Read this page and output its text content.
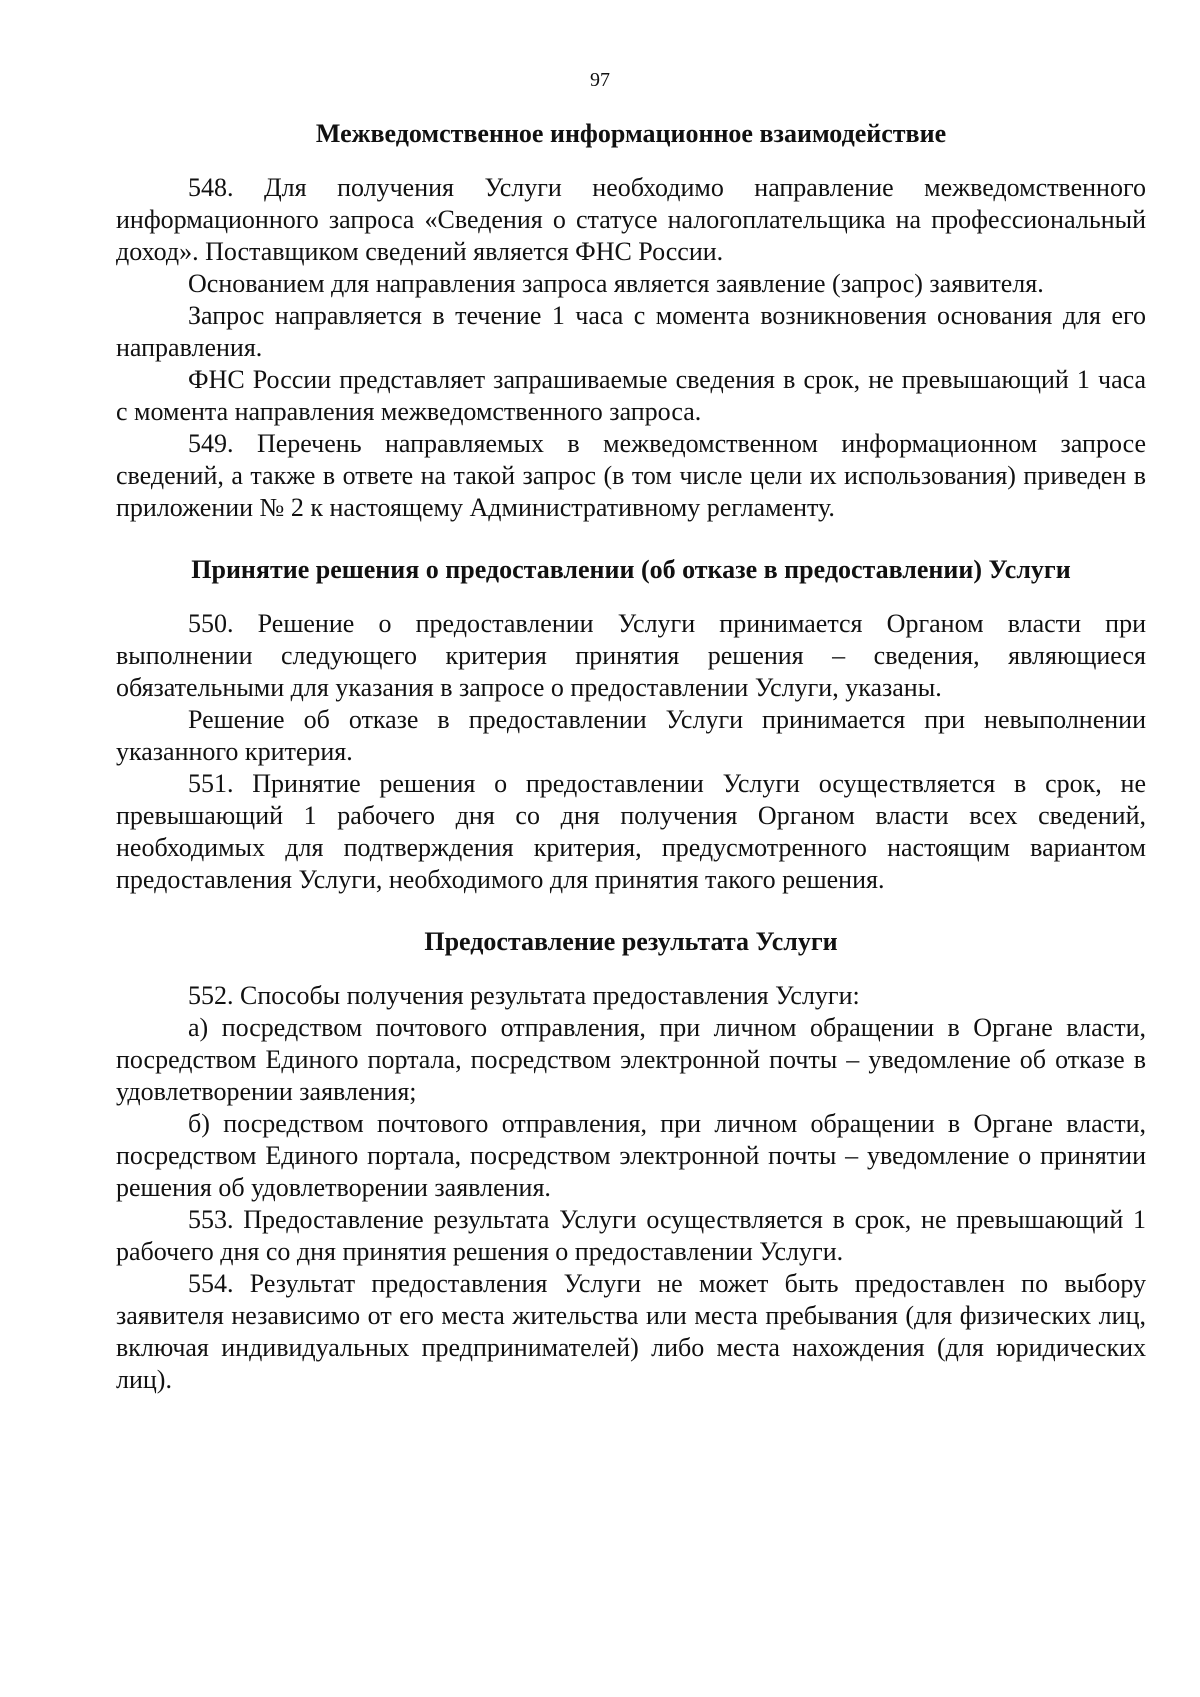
97
Межведомственное информационное взаимодействие

548. Для получения Услуги необходимо направление межведомственного информационного запроса «Сведения о статусе налогоплательщика на профессиональный доход». Поставщиком сведений является ФНС России.

Основанием для направления запроса является заявление (запрос) заявителя.

Запрос направляется в течение 1 часа с момента возникновения основания для его направления.

ФНС России представляет запрашиваемые сведения в срок, не превышающий 1 часа с момента направления межведомственного запроса.

549. Перечень направляемых в межведомственном информационном запросе сведений, а также в ответе на такой запрос (в том числе цели их использования) приведен в приложении № 2 к настоящему Административному регламенту.

Принятие решения о предоставлении (об отказе в предоставлении) Услуги

550. Решение о предоставлении Услуги принимается Органом власти при выполнении следующего критерия принятия решения – сведения, являющиеся обязательными для указания в запросе о предоставлении Услуги, указаны.

Решение об отказе в предоставлении Услуги принимается при невыполнении указанного критерия.

551. Принятие решения о предоставлении Услуги осуществляется в срок, не превышающий 1 рабочего дня со дня получения Органом власти всех сведений, необходимых для подтверждения критерия, предусмотренного настоящим вариантом предоставления Услуги, необходимого для принятия такого решения.

Предоставление результата Услуги

552. Способы получения результата предоставления Услуги:

а) посредством почтового отправления, при личном обращении в Органе власти, посредством Единого портала, посредством электронной почты – уведомление об отказе в удовлетворении заявления;

б) посредством почтового отправления, при личном обращении в Органе власти, посредством Единого портала, посредством электронной почты – уведомление о принятии решения об удовлетворении заявления.

553. Предоставление результата Услуги осуществляется в срок, не превышающий 1 рабочего дня со дня принятия решения о предоставлении Услуги.

554. Результат предоставления Услуги не может быть предоставлен по выбору заявителя независимо от его места жительства или места пребывания (для физических лиц, включая индивидуальных предпринимателей) либо места нахождения (для юридических лиц).
